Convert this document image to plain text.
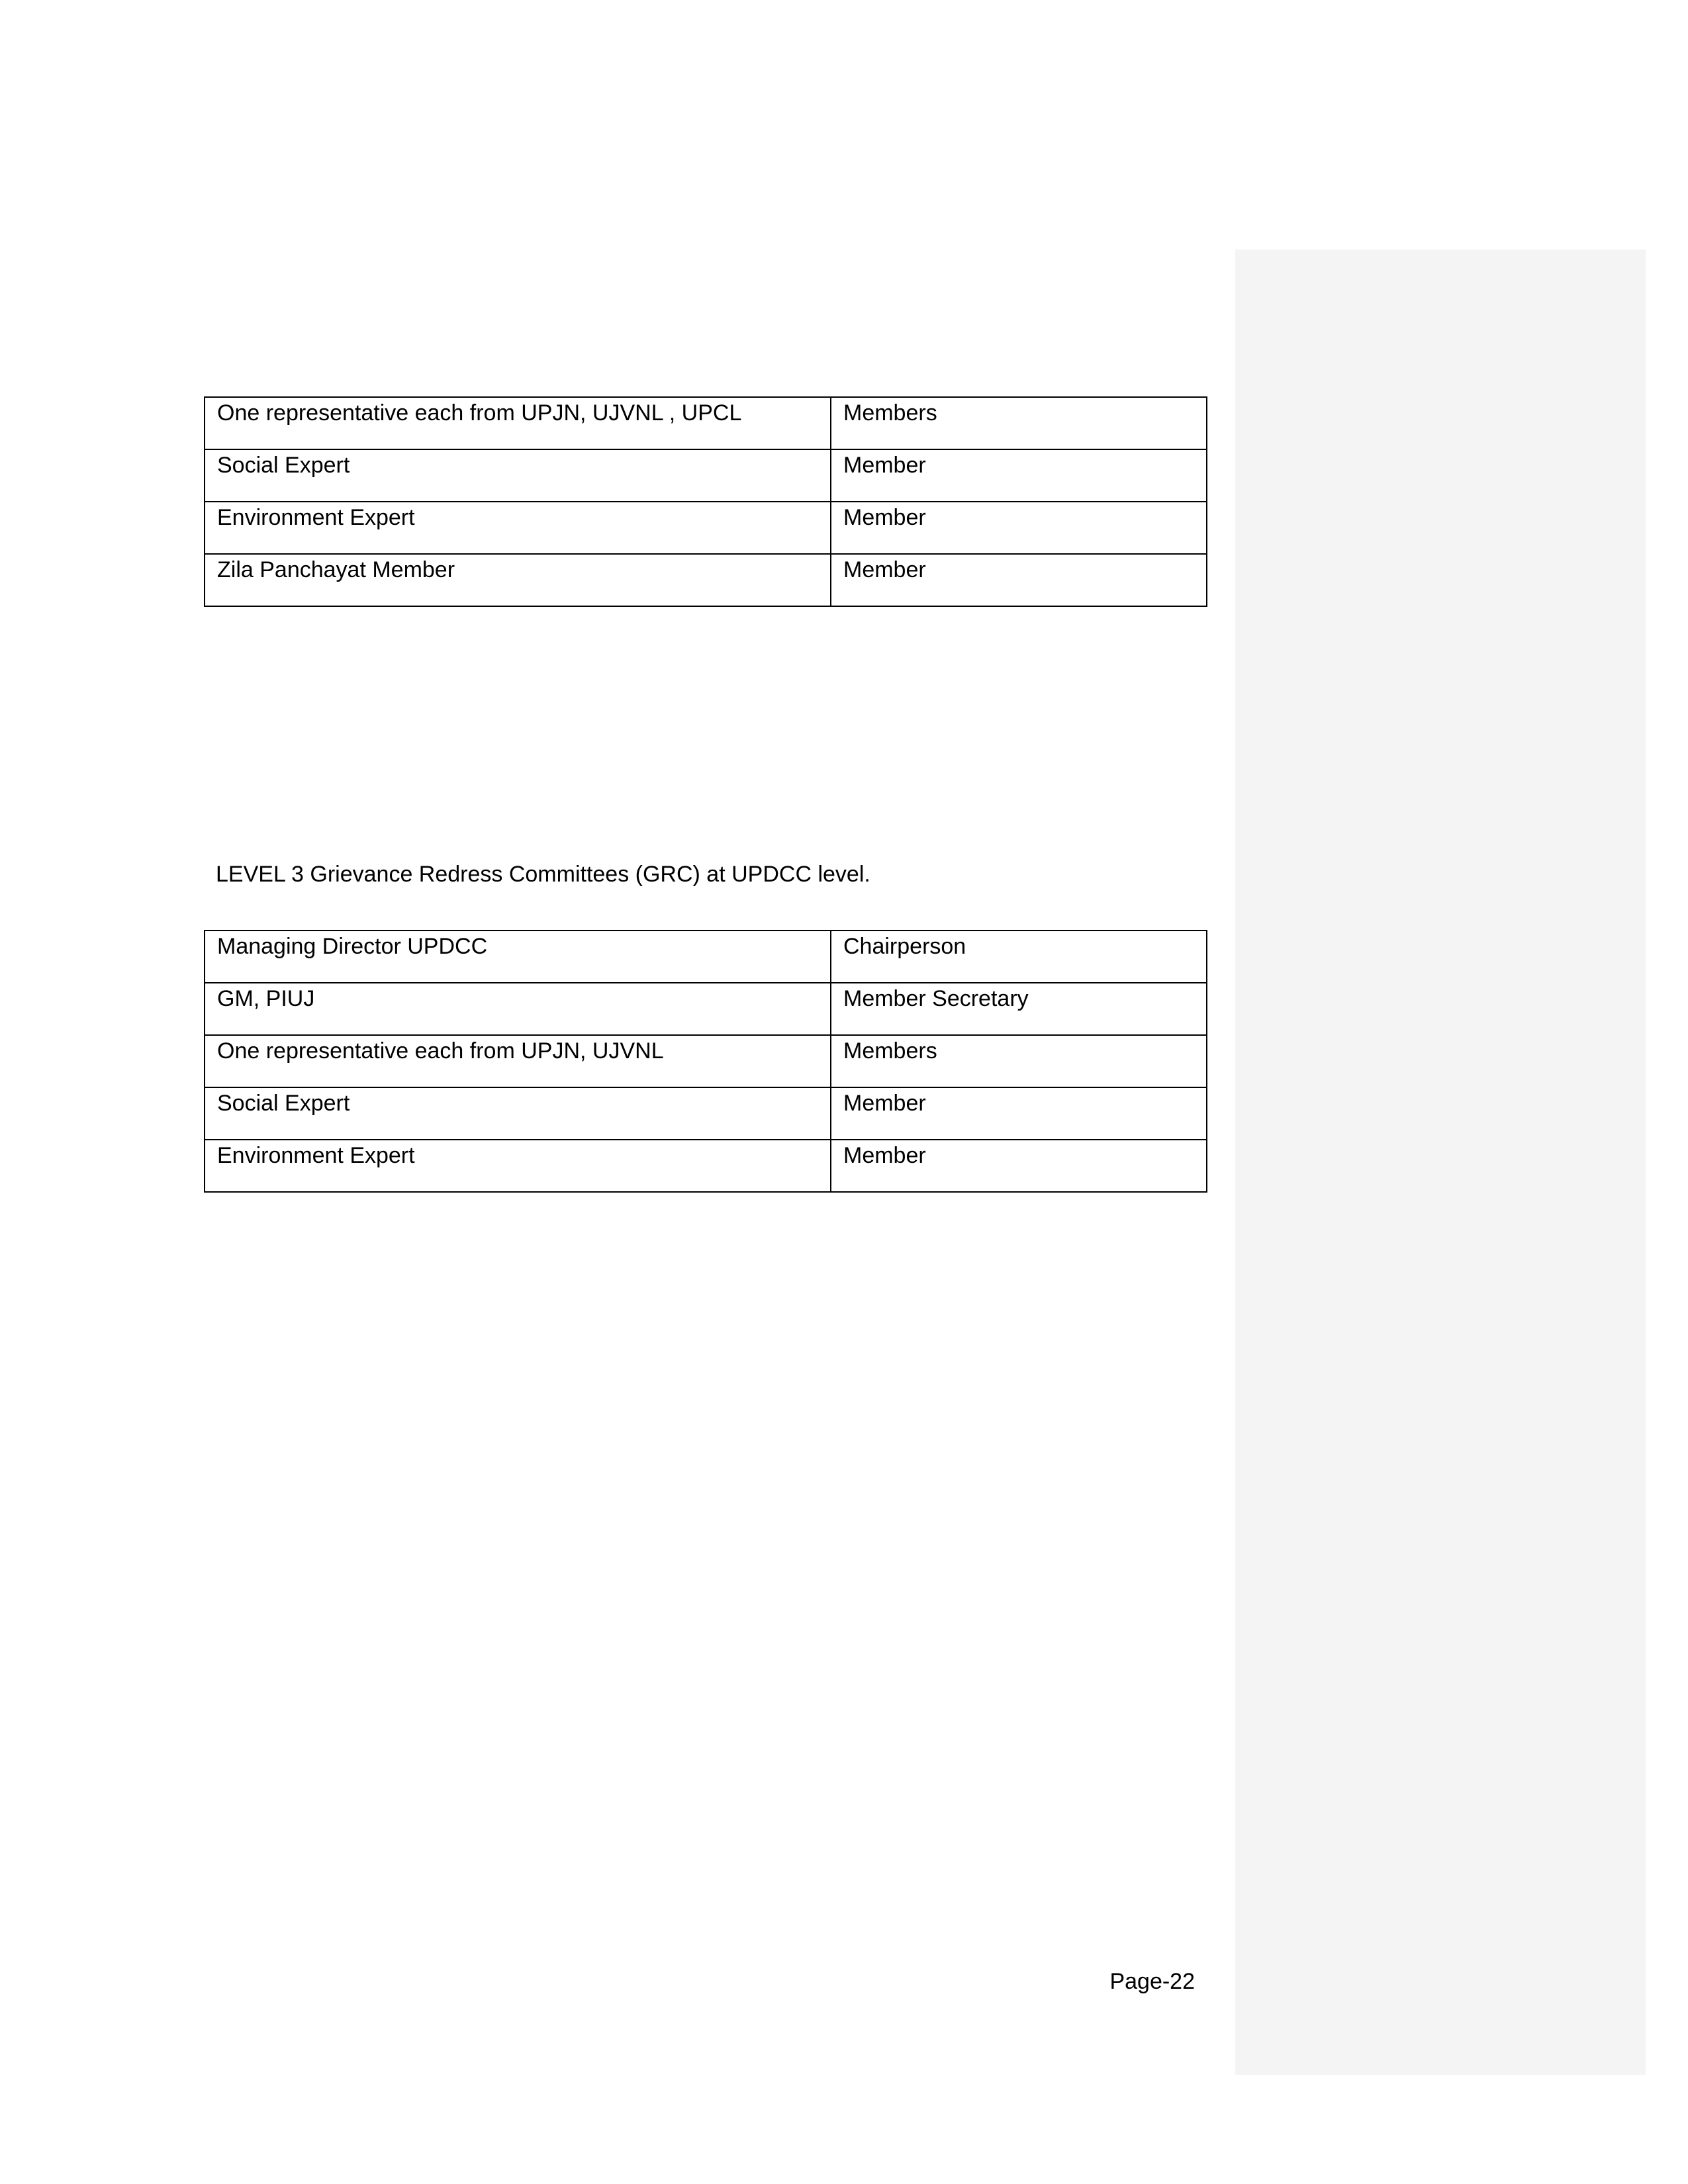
One representative each from UPJN, UJVNL , UPCL	Members
Social Expert	Member
Environment Expert	Member
Zila Panchayat Member	Member
LEVEL 3 Grievance Redress Committees (GRC) at UPDCC level.
Managing Director UPDCC	Chairperson
GM, PIUJ	Member Secretary
One representative each from UPJN, UJVNL	Members
Social Expert	Member
Environment Expert	Member
Page-22
